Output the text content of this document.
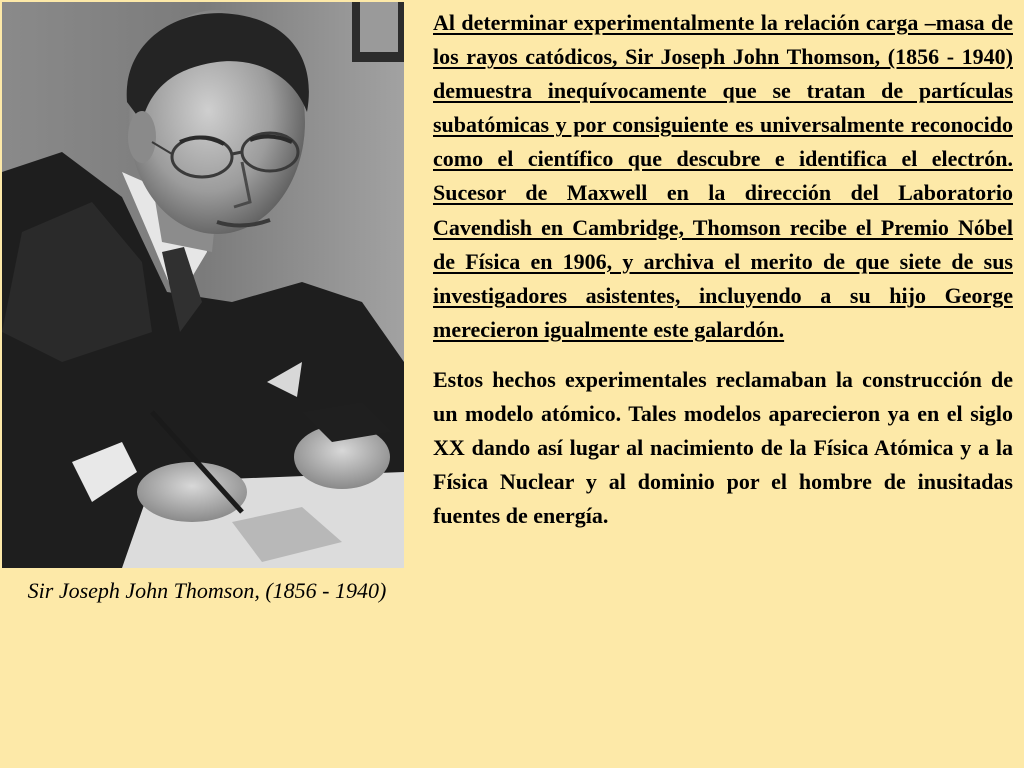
Sir Joseph John Thomson, (1856 - 1940)

Al determinar experimentalmente la relación carga –masa de los rayos catódicos, Sir Joseph John Thomson, (1856 - 1940) demuestra inequívocamente que se tratan de partículas subatómicas y por consiguiente es universalmente reconocido como el científico que descubre e identifica el electrón. Sucesor de Maxwell en la dirección del Laboratorio Cavendish en Cambridge, Thomson recibe el Premio Nóbel de Física en 1906, y archiva el merito de que siete de sus investigadores asistentes, incluyendo a su hijo George merecieron igualmente este galardón.

Estos hechos experimentales reclamaban la construcción de un modelo atómico. Tales modelos aparecieron ya en el siglo XX dando así lugar al nacimiento de la Física Atómica y a la Física Nuclear y al dominio por el hombre de inusitadas fuentes de energía.
